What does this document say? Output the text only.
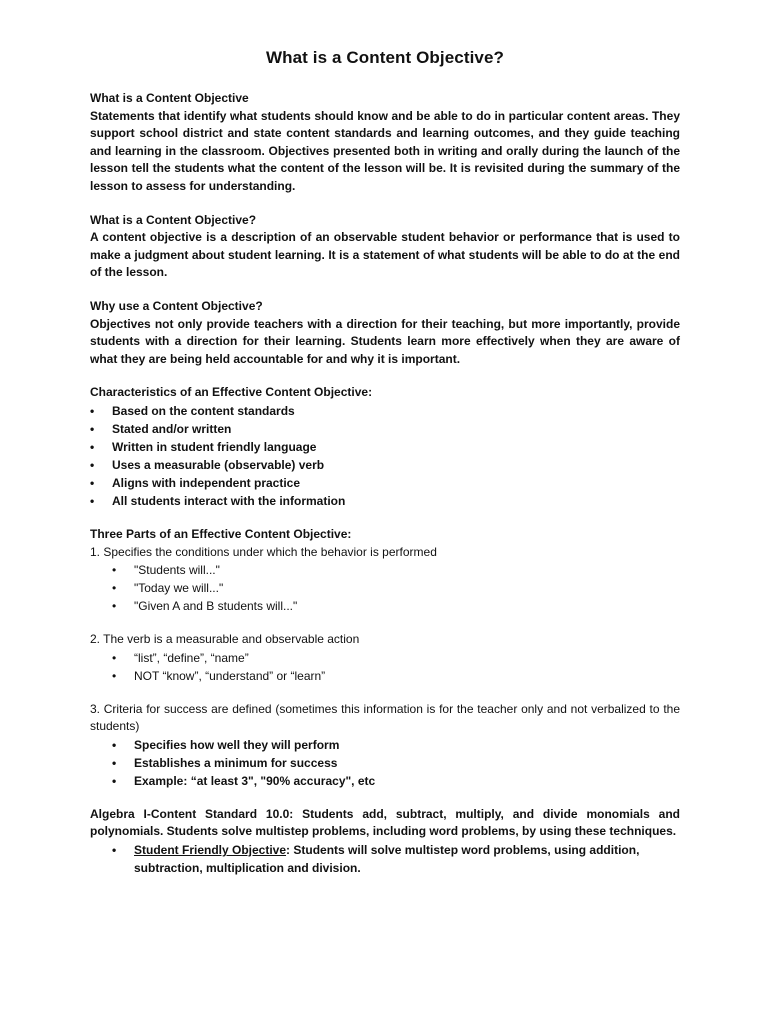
What is a Content Objective?

What is a Content Objective

Statements that identify what students should know and be able to do in particular content areas. They support school district and state content standards and learning outcomes, and they guide teaching and learning in the classroom. Objectives presented both in writing and orally during the launch of the lesson tell the students what the content of the lesson will be. It is revisited during the summary of the lesson to assess for understanding.

What is a Content Objective?

A content objective is a description of an observable student behavior or performance that is used to make a judgment about student learning. It is a statement of what students will be able to do at the end of the lesson.

Why use a Content Objective?

Objectives not only provide teachers with a direction for their teaching, but more importantly, provide students with a direction for their learning. Students learn more effectively when they are aware of what they are being held accountable for and why it is important.

Characteristics of an Effective Content Objective:

• Based on the content standards
• Stated and/or written
• Written in student friendly language
• Uses a measurable (observable) verb
• Aligns with independent practice
• All students interact with the information

Three Parts of an Effective Content Objective:

1. Specifies the conditions under which the behavior is performed

• "Students will..."
• "Today we will..."
• "Given A and B students will..."

2. The verb is a measurable and observable action

• “list”, “define”, “name”
• NOT “know”, “understand” or “learn”

3. Criteria for success are defined (sometimes this information is for the teacher only and not verbalized to the students)

• Specifies how well they will perform
• Establishes a minimum for success
• Example: “at least 3", "90% accuracy", etc

Algebra I-Content Standard 10.0: Students add, subtract, multiply, and divide monomials and polynomials. Students solve multistep problems, including word problems, by using these techniques.

• Student Friendly Objective: Students will solve multistep word problems, using addition, subtraction, multiplication and division.
